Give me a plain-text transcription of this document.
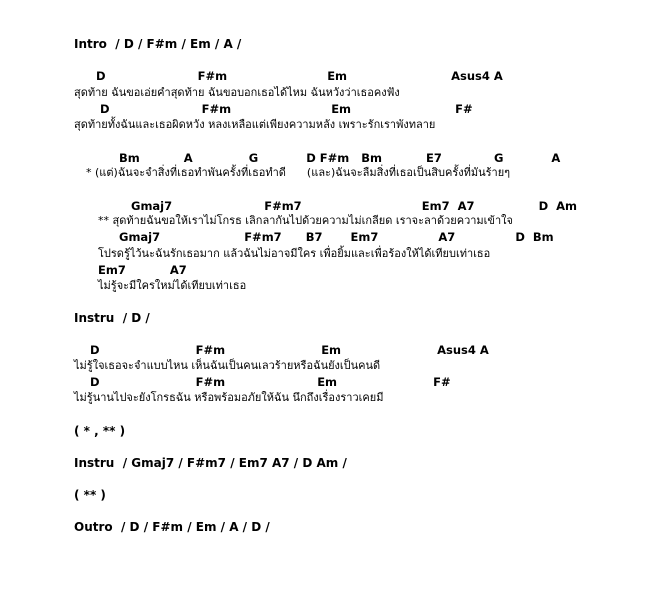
Intro  / D / F#m / Em / A /
D                       F#m                         Em                          Asus4 A
สุดท้าย ฉันขอเอ่ยคำสุดท้าย ฉันขอบอกเธอได้ไหม ฉันหวังว่าเธอคงฟัง
D                       F#m                         Em                          F#
สุดท้ายทั้งฉันและเธอผิดหวัง หลงเหลือแต่เพียงความหลัง เพราะรักเราพังทลาย
Bm           A              G            D F#m   Bm           E7             G            A
* (แต่)ฉันจะจำสิ่งที่เธอทำพันครั้งที่เธอทำดี      (และ)ฉันจะลืมสิ่งที่เธอเป็นสิบครั้งที่มันร้ายๆ
Gmaj7                       F#m7                              Em7  A7                D  Am
** สุดท้ายฉันขอให้เราไม่โกรธ เลิกลากันไปด้วยความไม่เกลียด เราจะลาด้วยความเข้าใจ
Gmaj7                     F#m7      B7       Em7               A7               D  Bm
โปรดรู้ไว้นะฉันรักเธอมาก แล้วฉันไม่อาจมีใคร เพื่อยิ้มและเพื่อร้องให้ได้เทียบเท่าเธอ
Em7           A7
ไม่รู้จะมีใครใหม่ได้เทียบเท่าเธอ
Instru  / D /
D                        F#m                        Em                        Asus4 A
ไม่รู้ใจเธอจะจำแบบไหน เห็นฉันเป็นคนเลวร้ายหรือฉันยังเป็นคนดี
D                        F#m                       Em                        F#
ไม่รู้นานไปจะยังโกรธฉัน หรือพร้อมอภัยให้ฉัน นึกถึงเรื่องราวเคยมี
( * , ** )
Instru  / Gmaj7 / F#m7 / Em7 A7 / D Am /
( ** )
Outro  / D / F#m / Em / A / D /
